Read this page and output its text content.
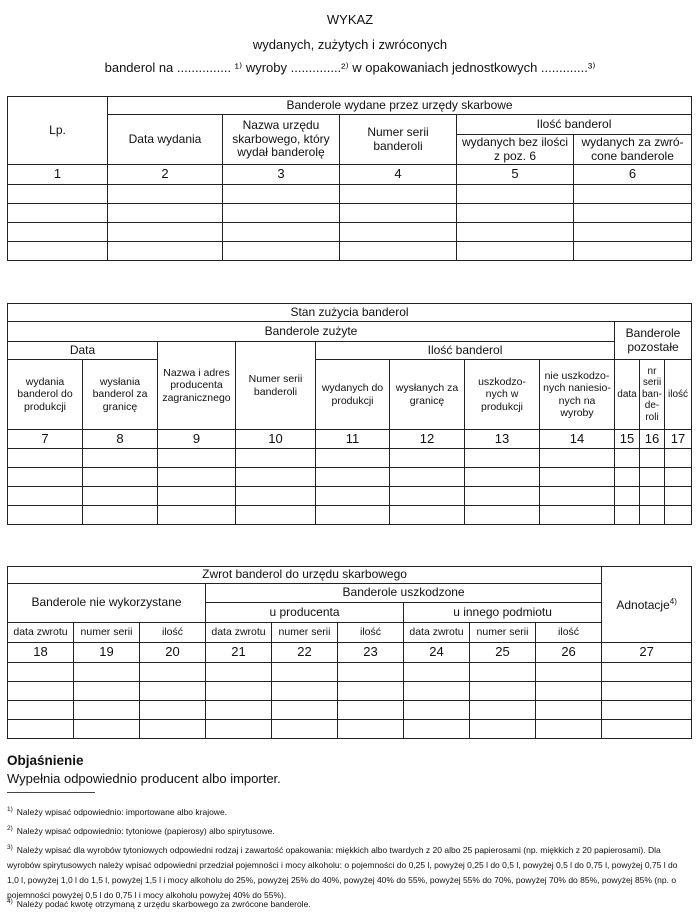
WYKAZ
wydanych, zużytych i zwróconych
banderol na ............... ¹⁾ wyroby ..............²⁾ w opakowaniach jednostkowych .............³⁾
Lp.	Banderole wydane przez urzędy skarbowe				
	Data wydania	Nazwa urzędu skarbowego, który wydał banderolę	Numer serii banderoli	Ilość banderol	
				wydanych bez ilości z poz. 6	wydanych za zwró-cone banderole
1	2	3	4	5	6

Stan zużycia banderol										
Banderole zużyte								Banderole pozostałe		
Data		Nazwa i adres producenta zagranicznego	Numer serii banderoli	Ilość banderol						
wydania banderol do produkcji	wysłania banderol za granicę			wydanych do produkcji	wysłanych za granicę	uszkodzo-nych w produkcji	nie uszkodzo-nych naniesio-nych na wyroby	data	nr serii ban-de-roli	ilość
7	8	9	10	11	12	13	14	15	16	17

Zwrot banderol do urzędu skarbowego									Adnotacje$^{4)}$
Banderole nie wykorzystane			Banderole uszkodzone						
			u producenta			u innego podmiotu			
data zwrotu	numer serii	ilość	data zwrotu	numer serii	ilość	data zwrotu	numer serii	ilość	
18	19	20	21	22	23	24	25	26	27

Objaśnienie
Wypełnia odpowiednio producent albo importer.
$^{1)}$ Należy wpisać odpowiednio: importowane albo krajowe.
$^{2)}$ Należy wpisać odpowiednio: tytoniowe (papierosy) albo spirytusowe.
$^{3)}$ Należy wpisać dla wyrobów tytoniowych odpowiedni rodzaj i zawartość opakowania: miękkich albo twardych z 20 albo 25 papierosami (np. miękkich z 20 papierosami). Dla wyrobów spirytusowych należy wpisać odpowiedni przedział pojemności i mocy alkoholu: o pojemności do 0,25 l, powyżej 0,25 l do 0,5 l, powyżej 0,5 l do 0,75 l, powyżej 0,75 l do 1,0 l, powyżej 1,0 l do 1,5 l, powyżej 1,5 l i mocy alkoholu do 25%, powyżej 25% do 40%, powyżej 40% do 55%, powyżej 55% do 70%, powyżej 70% do 85%, powyżej 85% (np. o pojemności powyżej 0,5 l do 0,75 l i mocy alkoholu powyżej 40% do 55%).
$^{4)}$ Należy podać kwotę otrzymaną z urzędu skarbowego za zwrócone banderole.
